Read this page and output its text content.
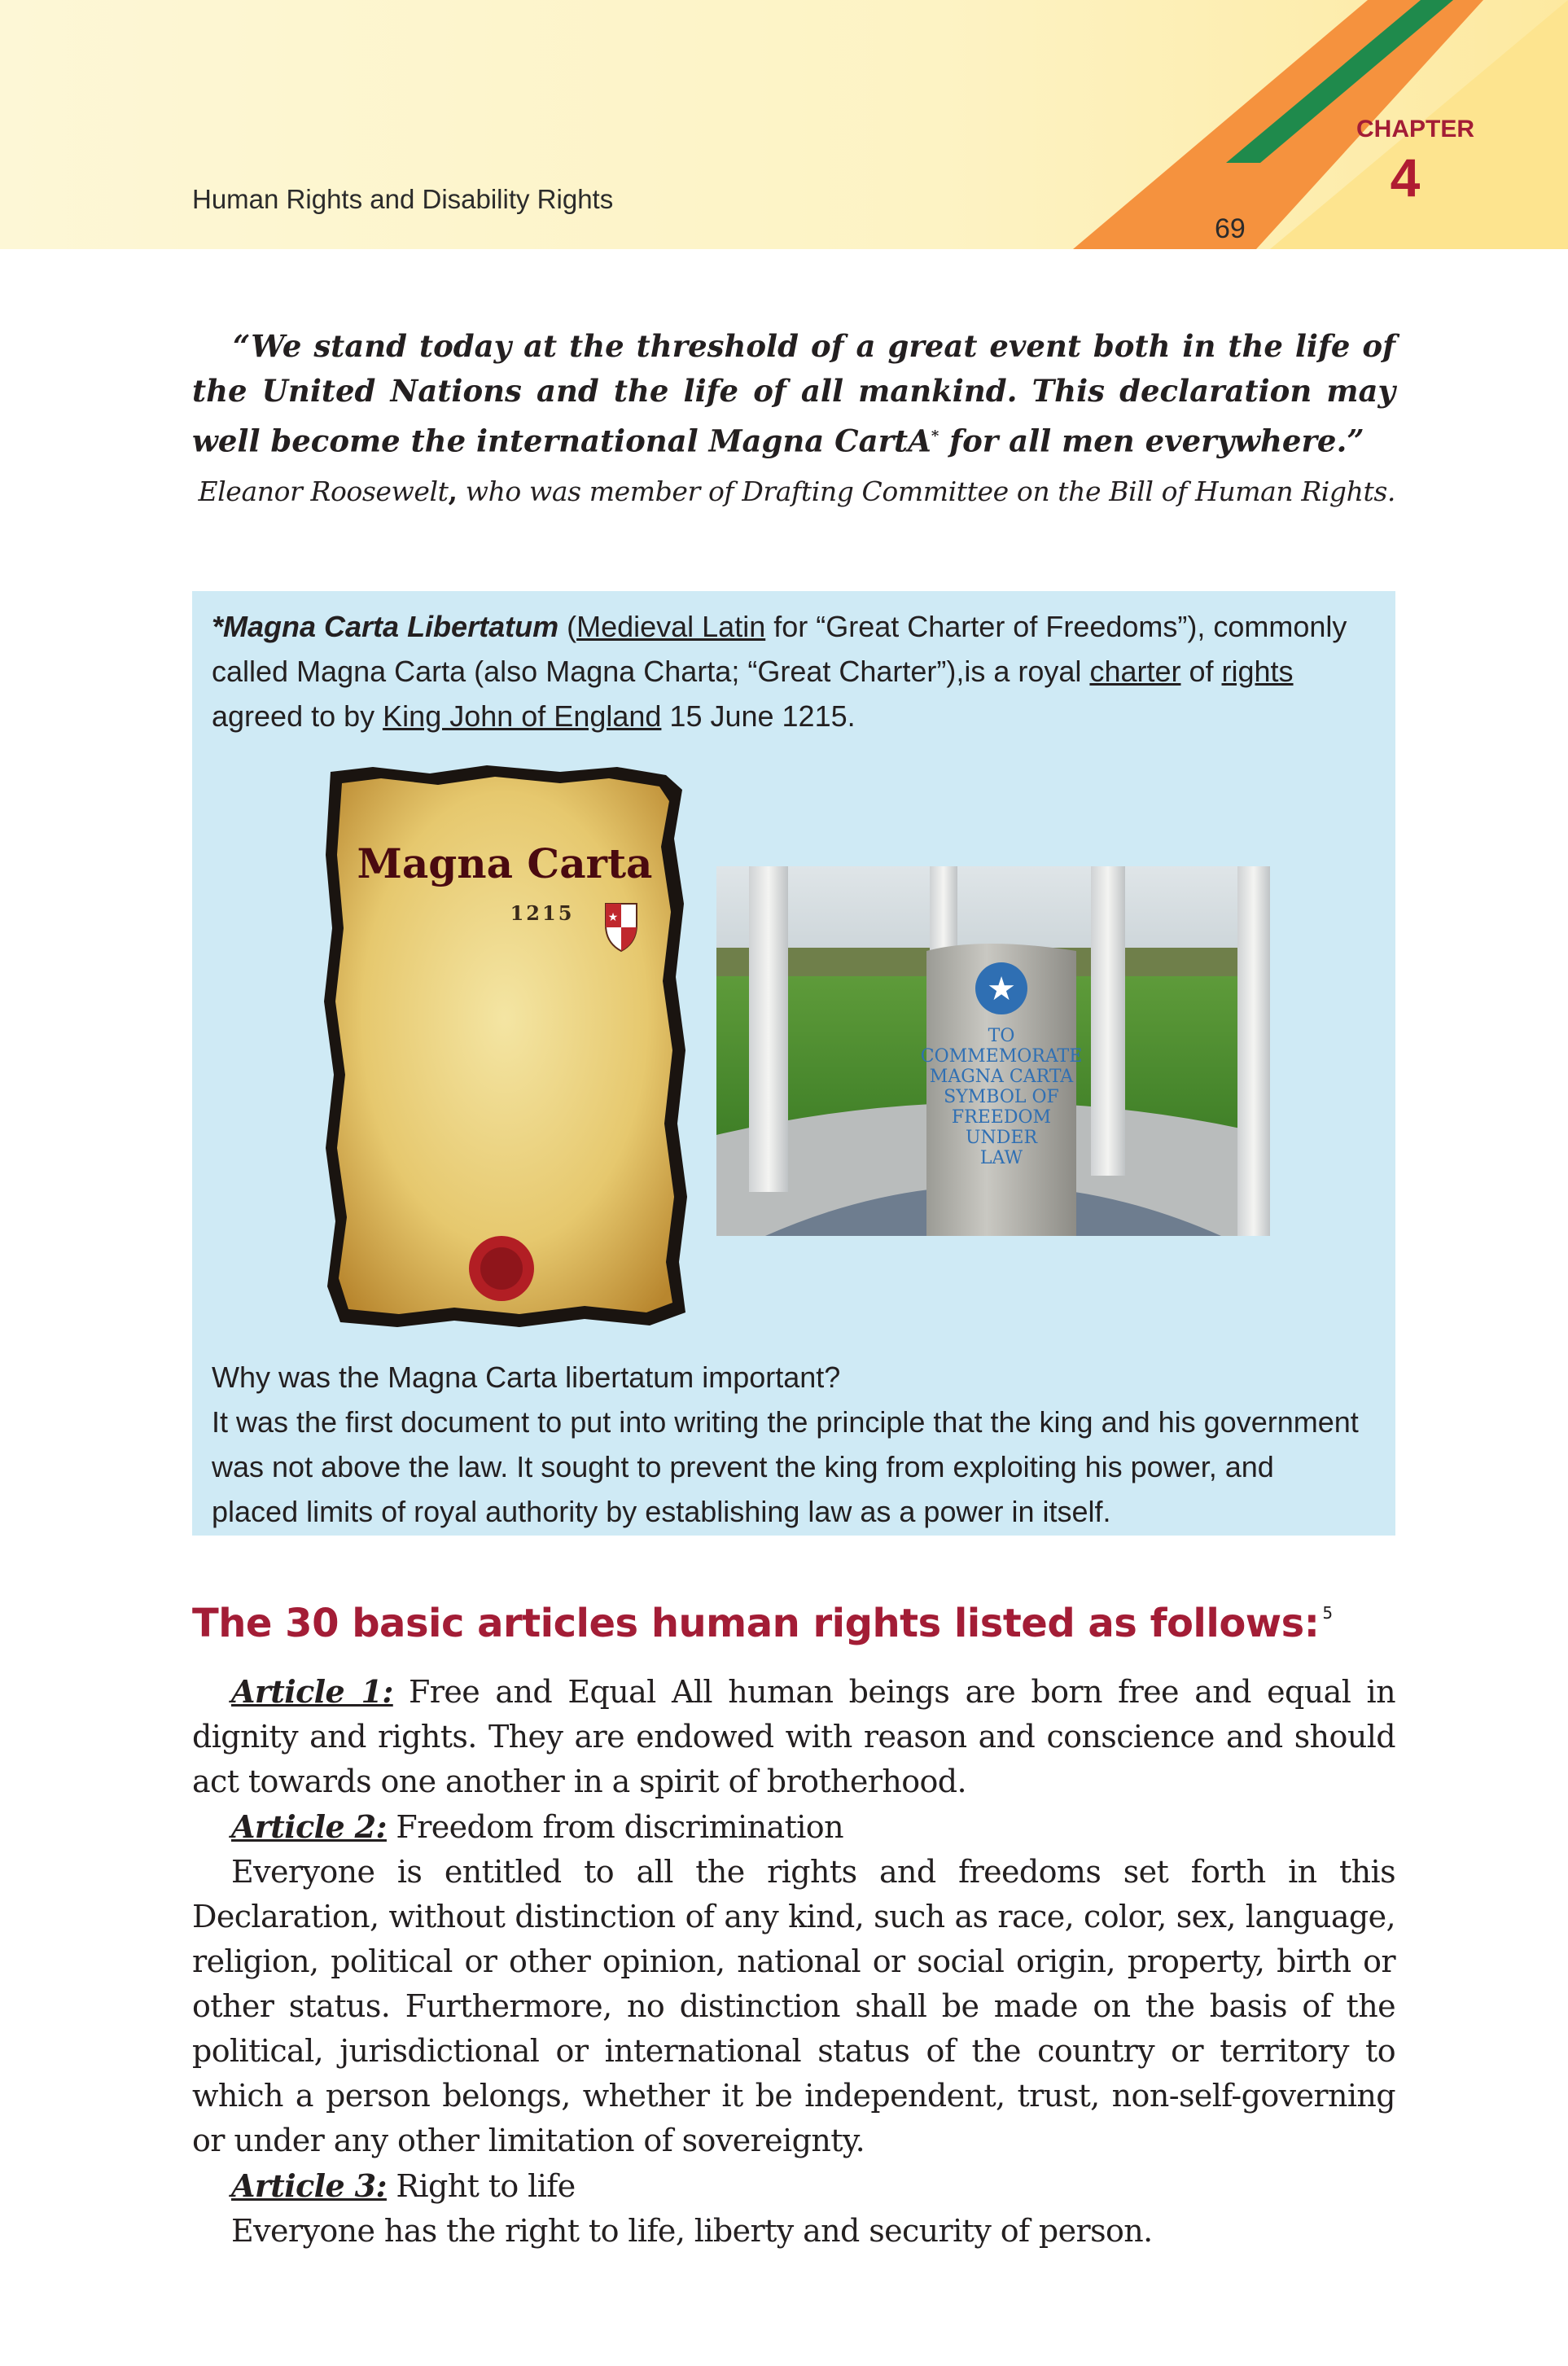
Human Rights and Disability Rights
69
CHAPTER
4

“We stand today at the threshold of a great event both in the life of the United Nations and the life of all mankind. This declaration may well become the international Magna CartA* for all men everywhere.”

Eleanor Roosewelt, who was member of Drafting Committee on the Bill of Human Rights.
*Magna Carta Libertatum (Medieval Latin for “Great Charter of Freedoms”), commonly called Magna Carta (also Magna Charta; “Great Charter”),is a royal charter of rights agreed to by King John of England 15 June 1215.
Magna Carta
1215	★
★
TO
COMMEMORATE
MAGNA CARTA
SYMBOL OF
FREEDOM
UNDER
LAW

Why was the Magna Carta libertatum important?

It was the first document to put into writing the principle that the king and his government was not above the law. It sought to prevent the king from exploiting his power, and placed limits of royal authority by establishing law as a power in itself.

The 30 basic articles human rights listed as follows: $^5$

Article 1: Free and Equal All human beings are born free and equal in dignity and rights. They are endowed with reason and conscience and should act towards one another in a spirit of brotherhood.

Article 2: Freedom from discrimination

Everyone is entitled to all the rights and freedoms set forth in this Declaration, without distinction of any kind, such as race, color, sex, language, religion, political or other opinion, national or social origin, property, birth or other status. Furthermore, no distinction shall be made on the basis of the political, jurisdictional or international status of the country or territory to which a person belongs, whether it be independent, trust, non-self-governing or under any other limitation of sovereignty.

Article 3: Right to life

Everyone has the right to life, liberty and security of person.
